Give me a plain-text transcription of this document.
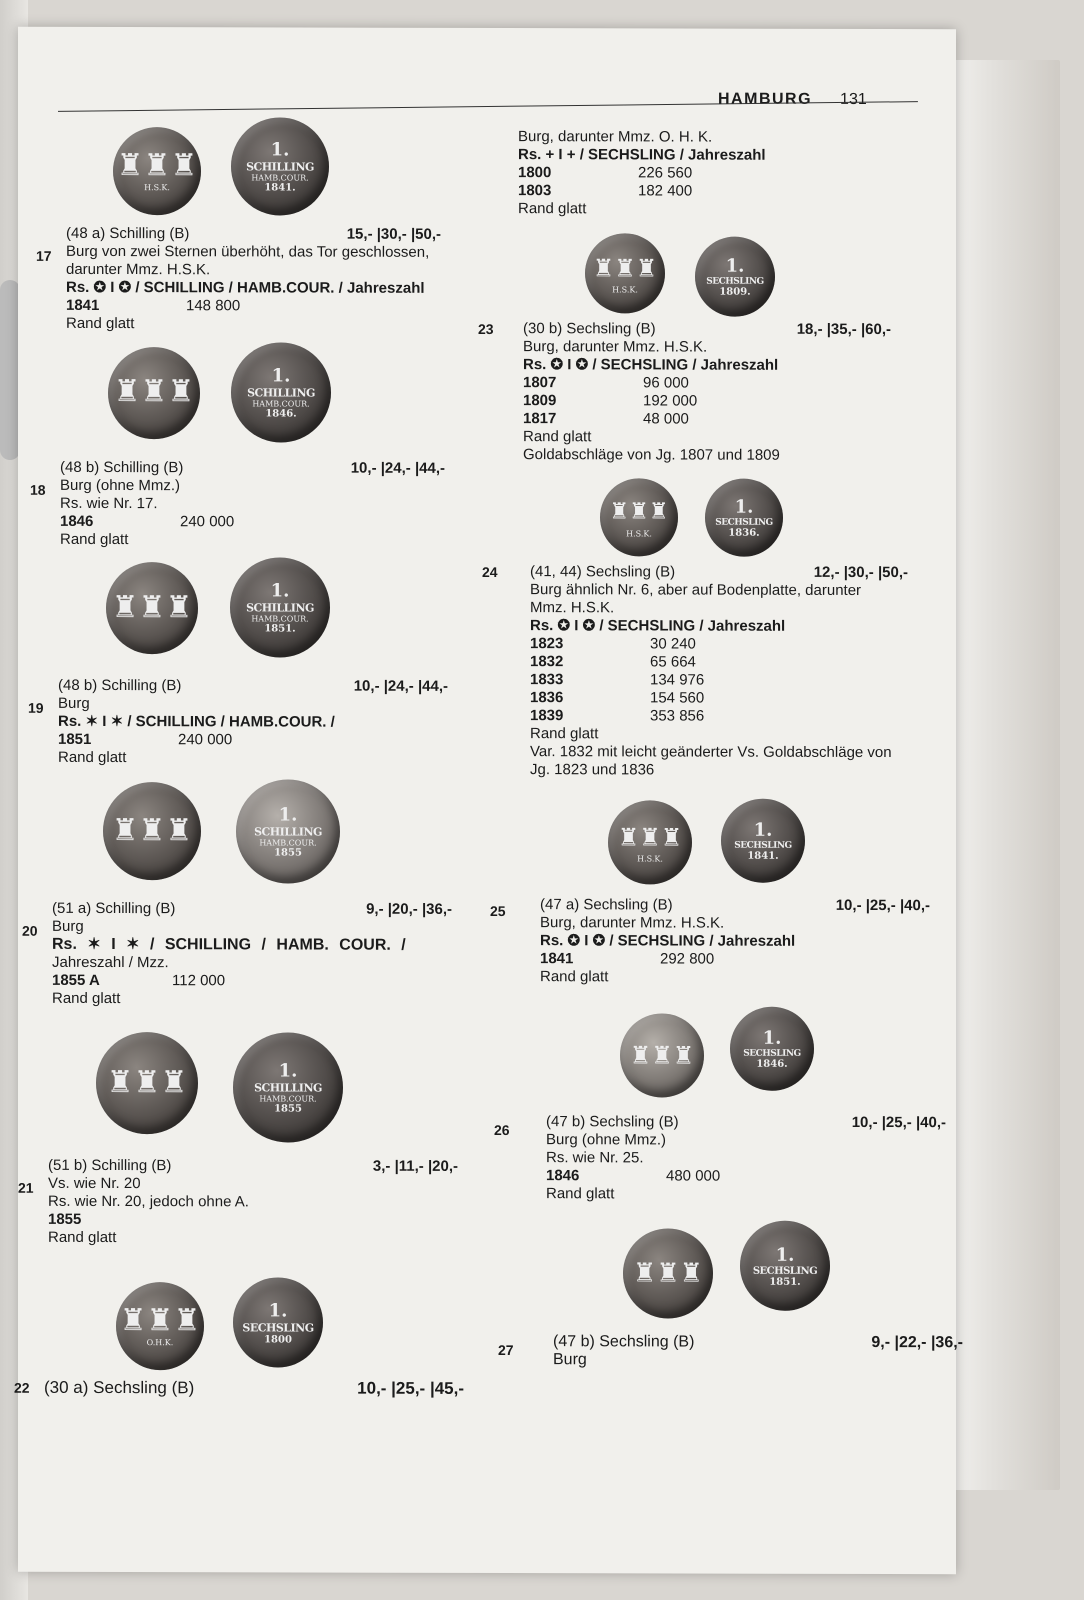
HAMBURG 131
♜♜♜
H.S.K.
1.
SCHILLING
HAMB.COUR.
1841.
17
(48 a) Schilling (B)	15,- |30,- |50,-
Burg von zwei Sternen überhöht, das Tor geschlossen,
darunter Mmz. H.S.K.
Rs. ✪ I ✪ / SCHILLING / HAMB.COUR. / Jahreszahl
1841	148 800
Rand glatt
♜♜♜	1.
SCHILLING
HAMB.COUR.
1846.
18
(48 b) Schilling (B)	10,- |24,- |44,-
Burg (ohne Mmz.)
Rs. wie Nr. 17.
1846	240 000
Rand glatt
♜♜♜	1.
SCHILLING
HAMB.COUR.
1851.
19
(48 b) Schilling (B)	10,- |24,- |44,-
Burg
Rs. ✶ I ✶ / SCHILLING / HAMB.COUR. /
1851	240 000
Rand glatt
♜♜♜	1.
SCHILLING
HAMB.COUR.
1855
20
(51 a) Schilling (B)	9,- |20,- |36,-
Burg
Rs. ✶ I ✶ / SCHILLING / HAMB. COUR. /
Jahreszahl / Mzz.
1855 A	112 000
Rand glatt
♜♜♜	1.
SCHILLING
HAMB.COUR.
1855
21
(51 b) Schilling (B)	3,- |11,- |20,-
Vs. wie Nr. 20
Rs. wie Nr. 20, jedoch ohne A.
1855
Rand glatt
♜♜♜
O.H.K.
1.
SECHSLING
1800
22 (30 a) Sechsling (B)	10,- |25,- |45,-
Burg, darunter Mmz. O. H. K.
Rs. + I + / SECHSLING / Jahreszahl
1800	226 560
1803	182 400
Rand glatt
♜♜♜
H.S.K.
1.
SECHSLING
1809.
23 (30 b) Sechsling (B)	18,- |35,- |60,-
Burg, darunter Mmz. H.S.K.
Rs. ✪ I ✪ / SECHSLING / Jahreszahl
1807	96 000
1809	192 000
1817	48 000
Rand glatt
Goldabschläge von Jg. 1807 und 1809
♜♜♜
H.S.K.
1.
SECHSLING
1836.
24 (41, 44) Sechsling (B)	12,- |30,- |50,-
Burg ähnlich Nr. 6, aber auf Bodenplatte, darunter
Mmz. H.S.K.
Rs. ✪ I ✪ / SECHSLING / Jahreszahl
1823	30 240
1832	65 664
1833	134 976
1836	154 560
1839	353 856
Rand glatt
Var. 1832 mit leicht geänderter Vs. Goldabschläge von
Jg. 1823 und 1836
♜♜♜
H.S.K.
1.
SECHSLING
1841.
25 (47 a) Sechsling (B)	10,- |25,- |40,-
Burg, darunter Mmz. H.S.K.
Rs. ✪ I ✪ / SECHSLING / Jahreszahl
1841	292 800
Rand glatt
♜♜♜
1.
SECHSLING
1846.
26 (47 b) Sechsling (B)	10,- |25,- |40,-
Burg (ohne Mmz.)
Rs. wie Nr. 25.
1846	480 000
Rand glatt
♜♜♜
1.
SECHSLING
1851.
27 (47 b) Sechsling (B)	9,- |22,- |36,-
Burg
